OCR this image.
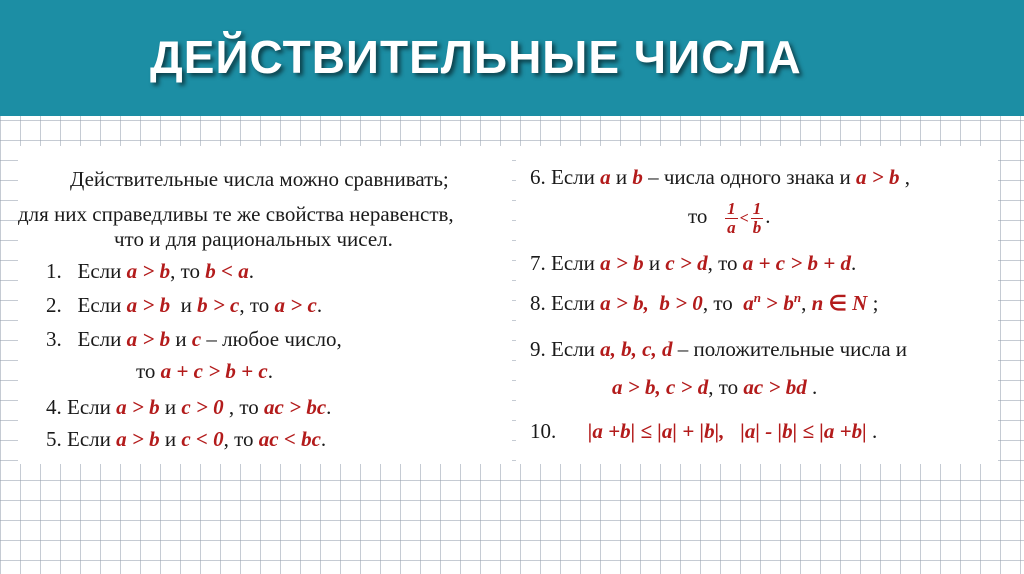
ДЕЙСТВИТЕЛЬНЫЕ ЧИСЛА
Действительные числа можно сравнивать;
для них справедливы те же свойства неравенств,
что и для рациональных чисел.
1. Если a > b, то b < a.
2. Если a > b и b > c, то a > c.
3. Если a > b и c – любое число,
то a + c > b + c.
4. Если a > b и c > 0 , то ac > bc.
5. Если a > b и c < 0, то ac < bc.
6. Если a и b – числа одного знака и a > b ,
то $\frac{1}{a} < \frac{1}{b}$ .
7. Если a > b и c > d, то a + c > b + d.
8. Если a > b, b > 0, то $a^n > b^n$, n ∈ N ;
9. Если a, b, c, d – положительные числа и
a > b, c > d, то ac > bd .
10. |a +b| ≤ |a| + |b|, |a| - |b| ≤ |a +b| .
